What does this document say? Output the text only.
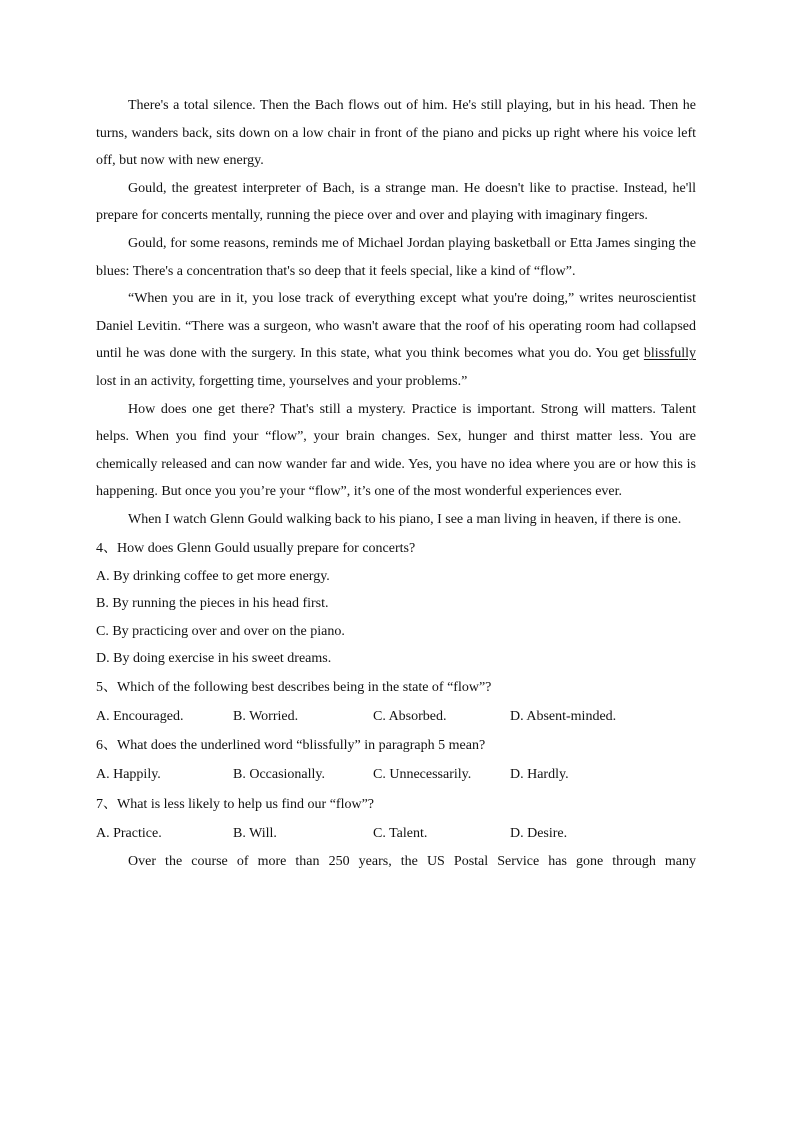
There's a total silence. Then the Bach flows out of him. He's still playing, but in his head. Then he turns, wanders back, sits down on a low chair in front of the piano and picks up right where his voice left off, but now with new energy.

Gould, the greatest interpreter of Bach, is a strange man. He doesn't like to practise. Instead, he'll prepare for concerts mentally, running the piece over and over and playing with imaginary fingers.

Gould, for some reasons, reminds me of Michael Jordan playing basketball or Etta James singing the blues: There's a concentration that's so deep that it feels special, like a kind of “flow”.

“When you are in it, you lose track of everything except what you're doing,” writes neuroscientist Daniel Levitin. “There was a surgeon, who wasn't aware that the roof of his operating room had collapsed until he was done with the surgery. In this state, what you think becomes what you do. You get blissfully lost in an activity, forgetting time, yourselves and your problems.”

How does one get there? That's still a mystery. Practice is important. Strong will matters. Talent helps. When you find your “flow”, your brain changes. Sex, hunger and thirst matter less. You are chemically released and can now wander far and wide. Yes, you have no idea where you are or how this is happening. But once you you’re your “flow”, it’s one of the most wonderful experiences ever.

When I watch Glenn Gould walking back to his piano, I see a man living in heaven, if there is one.

4、How does Glenn Gould usually prepare for concerts?

A. By drinking coffee to get more energy.

B. By running the pieces in his head first.

C. By practicing over and over on the piano.

D. By doing exercise in his sweet dreams.

5、Which of the following best describes being in the state of “flow”?

A. Encouraged.	B. Worried.	C. Absorbed.	D. Absent-minded.

6、What does the underlined word “blissfully” in paragraph 5 mean?

A. Happily.	B. Occasionally.	C. Unnecessarily.	D. Hardly.

7、What is less likely to help us find our “flow”?

A. Practice.	B. Will.	C. Talent.	D. Desire.

Over the course of more than 250 years, the US Postal Service has gone through many
